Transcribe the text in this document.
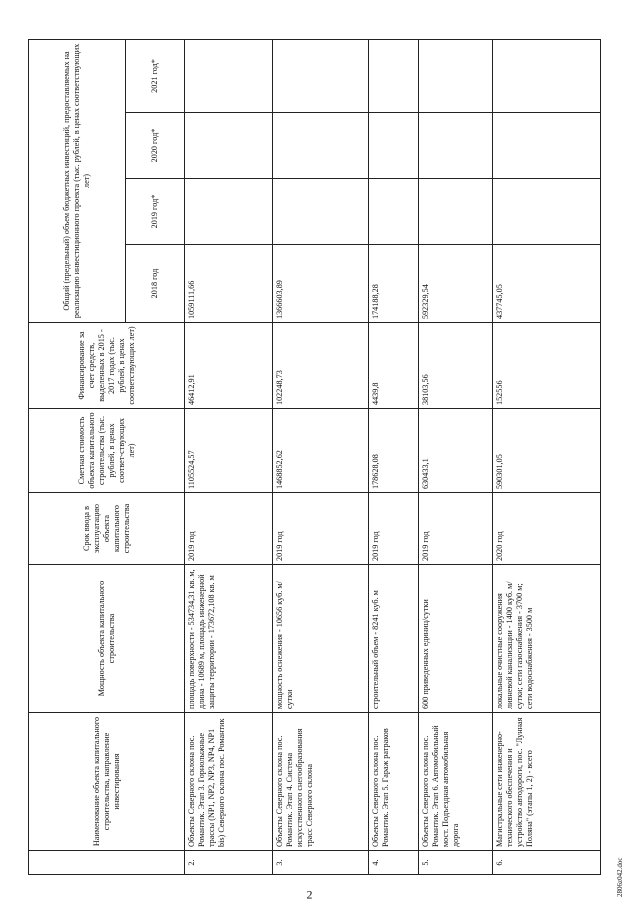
2
	Наименование объекта капитального строительства, направление инвестирования	Мощность объекта капитального строительства	Срок ввода в эксплуатацию объекта капитального строительства	Сметная стоимость объекта капитального строительства (тыс. рублей, в ценах соответ-ствующих лет)	Финансирование за счет средств, выделенных в 2015 - 2017 годах (тыс. рублей, в ценах соответствующих лет)	Общий (предельный) объем бюджетных инвестиций, предоставляемых на реализацию инвестиционного проекта (тыс. рублей, в ценах соответствующих лет)			
						2018 год	2019 год*	2020 год*	2021 год*
2.	Объекты Северного склона пос. Романтик. Этап 3. Горнолыжные трассы (NP1, NP2, NP3, NP4, NP1 bis) Северного склона пос. Романтик	площадь поверхности - 534734,31 кв. м, длина - 10689 м, площадь инженерной защиты территории - 173672,108 кв. м	2019 год	1105524,57	46412,91	1059111,66			
3.	Объекты Северного склона пос. Романтик. Этап 4. Система искусственного снегообразования трасс Северного склона	мощность оснежения - 10656 куб. м/сутки	2019 год	1468852,62	102248,73	1366603,89			
4.	Объекты Северного склона пос. Романтик. Этап 5. Гараж ратраков	строительный объем - 8241 куб. м	2019 год	178628,08	4439,8	174188,28			
5.	Объекты Северного склона пос. Романтик. Этап 6. Автомобильный мост. Подъездная автомобильная дорога	600 приведенных единиц/сутки	2019 год	630433,1	38103,56	592329,54			
6.	Магистральные сети инженерно-технического обеспечения и устройство автодороги, пос. "Лунная Поляна" (этапы 1, 2) - всего	локальные очистные сооружения ливневой канализации - 1400 куб. м/сутки; сети газоснабжения - 3700 м; сети водоснабжения - 3500 м	2020 год	590301,05	152556	437745,05			
2806z042.doc
